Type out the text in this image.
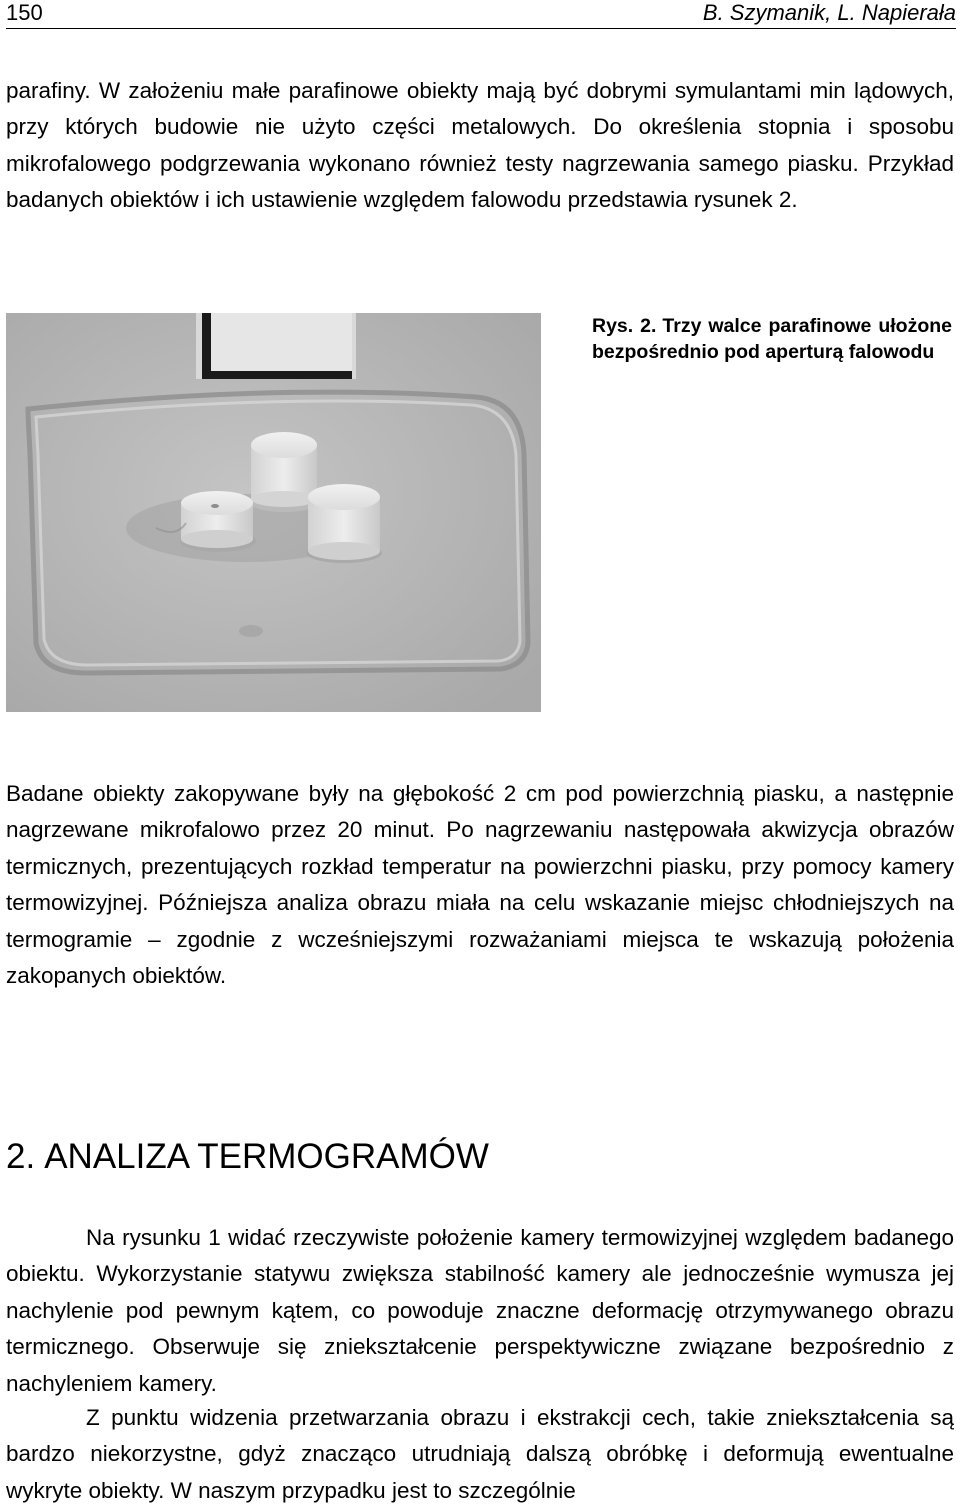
150	B. Szymanik, L. Napierała

parafiny. W założeniu małe parafinowe obiekty mają być dobrymi symulantami min lądowych, przy których budowie nie użyto części metalowych. Do określenia stopnia i sposobu mikrofalowego podgrzewania wykonano również testy nagrzewania samego piasku. Przykład badanych obiektów i ich ustawienie względem falowodu przedstawia rysunek 2.

Rys. 2. Trzy walce parafinowe ułożone bezpośrednio pod aperturą falowodu

Badane obiekty zakopywane były na głębokość 2 cm pod powierzchnią piasku, a następnie nagrzewane mikrofalowo przez 20 minut. Po nagrzewaniu następowała akwizycja obrazów termicznych, prezentujących rozkład temperatur na powierzchni piasku, przy pomocy kamery termowizyjnej. Późniejsza analiza obrazu miała na celu wskazanie miejsc chłodniejszych na termogramie – zgodnie z wcześniejszymi rozważaniami miejsca te wskazują położenia zakopanych obiektów.

2. ANALIZA TERMOGRAMÓW

Na rysunku 1 widać rzeczywiste położenie kamery termowizyjnej względem badanego obiektu. Wykorzystanie statywu zwiększa stabilność kamery ale jednocześnie wymusza jej nachylenie pod pewnym kątem, co powoduje znaczne deformację otrzymywanego obrazu termicznego. Obserwuje się zniekształcenie perspektywiczne związane bezpośrednio z nachyleniem kamery.

Z punktu widzenia przetwarzania obrazu i ekstrakcji cech, takie zniekształcenia są bardzo niekorzystne, gdyż znacząco utrudniają dalszą obróbkę i deformują ewentualne wykryte obiekty. W naszym przypadku jest to szczególnie
